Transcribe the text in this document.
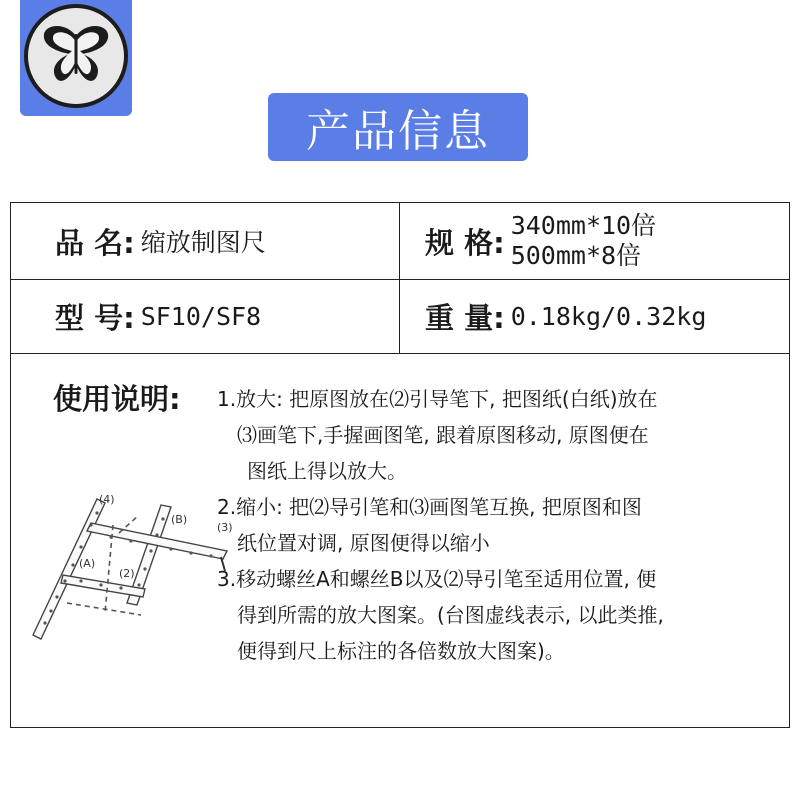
产品信息
品 名: 缩放制图尺	规 格: 340mm*10倍
500mm*8倍
型 号: SF10/SF8	重 量: 0.18kg/0.32kg
使用说明: 1.放大: 把原图放在⑵引导笔下, 把图纸(白纸)放在
⑶画笔下,手握画图笔, 跟着原图移动, 原图便在
图纸上得以放大。
2.缩小: 把⑵导引笔和⑶画图笔互换, 把原图和图
纸位置对调, 原图便得以缩小
3.移动螺丝A和螺丝B以及⑵导引笔至适用位置, 便
得到所需的放大图案。(台图虚线表示, 以此类推,
便得到尺上标注的各倍数放大图案)。
(4)
(B)
(3)
(A)
(2)
